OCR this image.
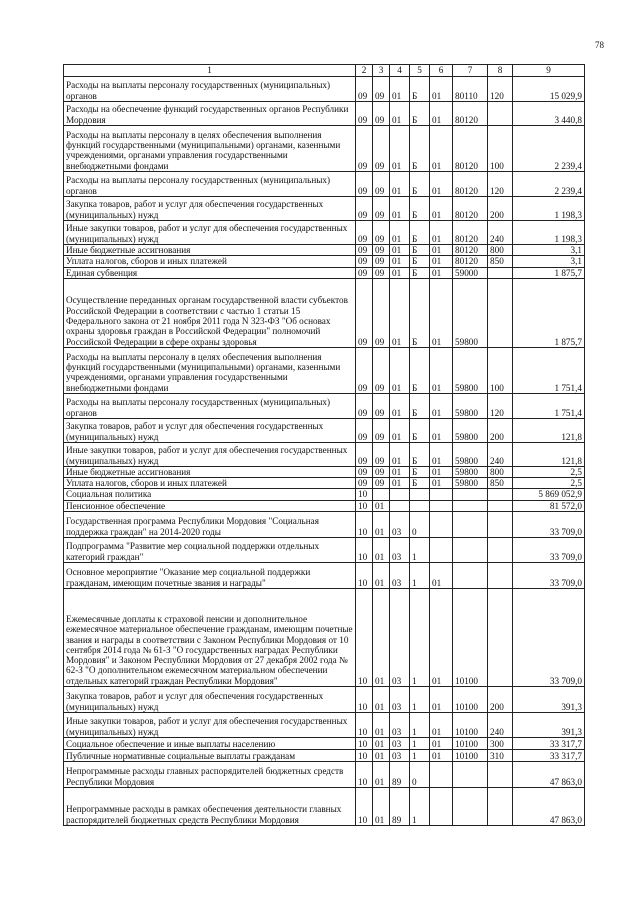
78
1	2	3	4	5	6	7	8	9
Расходы на выплаты персоналу государственных (муниципальных) органов	09	09	01	Б	01	80110	120	15 029,9
Расходы на обеспечение функций государственных органов Республики Мордовия	09	09	01	Б	01	80120		3 440,8
Расходы на выплаты персоналу в целях обеспечения выполнения функций государственными (муниципальными) органами, казенными учреждениями, органами управления государственными внебюджетными фондами	09	09	01	Б	01	80120	100	2 239,4
Расходы на выплаты персоналу государственных (муниципальных) органов	09	09	01	Б	01	80120	120	2 239,4
Закупка товаров, работ и услуг для обеспечения государственных (муниципальных) нужд	09	09	01	Б	01	80120	200	1 198,3
Иные закупки товаров, работ и услуг для обеспечения государственных (муниципальных) нужд	09	09	01	Б	01	80120	240	1 198,3
Иные бюджетные ассигнования	09	09	01	Б	01	80120	800	3,1
Уплата налогов, сборов и иных платежей	09	09	01	Б	01	80120	850	3,1
Единая субвенция	09	09	01	Б	01	59000		1 875,7
Осуществление переданных органам государственной власти субъектов Российской Федерации в соответствии с частью 1 статьи 15 Федерального закона от 21 ноября 2011 года N 323-ФЗ "Об основах охраны здоровья граждан в Российской Федерации" полномочий Российской Федерации в сфере охраны здоровья	09	09	01	Б	01	59800		1 875,7
Расходы на выплаты персоналу в целях обеспечения выполнения функций государственными (муниципальными) органами, казенными учреждениями, органами управления государственными внебюджетными фондами	09	09	01	Б	01	59800	100	1 751,4
Расходы на выплаты персоналу государственных (муниципальных) органов	09	09	01	Б	01	59800	120	1 751,4
Закупка товаров, работ и услуг для обеспечения государственных (муниципальных) нужд	09	09	01	Б	01	59800	200	121,8
Иные закупки товаров, работ и услуг для обеспечения государственных (муниципальных) нужд	09	09	01	Б	01	59800	240	121,8
Иные бюджетные ассигнования	09	09	01	Б	01	59800	800	2,5
Уплата налогов, сборов и иных платежей	09	09	01	Б	01	59800	850	2,5
Социальная политика	10							5 869 052,9
Пенсионное обеспечение	10	01						81 572,0
Государственная программа Республики Мордовия "Социальная поддержка граждан" на 2014-2020 годы	10	01	03	0				33 709,0
Подпрограмма "Развитие мер социальной поддержки отдельных категорий граждан"	10	01	03	1				33 709,0
Основное мероприятие "Оказание мер социальной поддержки гражданам, имеющим почетные звания и награды"	10	01	03	1	01			33 709,0
Ежемесячные доплаты к страховой пенсии и дополнительное ежемесячное материальное обеспечение гражданам, имеющим почетные звания и награды в соответствии с Законом Республики Мордовия от 10 сентября 2014 года № 61-З "О государственных наградах Республики Мордовия" и Законом Республики Мордовия от 27 декабря 2002 года № 62-З "О дополнительном ежемесячном материальном обеспечении отдельных категорий граждан Республики Мордовия"	10	01	03	1	01	10100		33 709,0
Закупка товаров, работ и услуг для обеспечения государственных (муниципальных) нужд	10	01	03	1	01	10100	200	391,3
Иные закупки товаров, работ и услуг для обеспечения государственных (муниципальных) нужд	10	01	03	1	01	10100	240	391,3
Социальное обеспечение и иные выплаты населению	10	01	03	1	01	10100	300	33 317,7
Публичные нормативные социальные выплаты гражданам	10	01	03	1	01	10100	310	33 317,7
Непрограммные расходы главных распорядителей бюджетных средств Республики Мордовия	10	01	89	0				47 863,0
Непрограммные расходы в рамках обеспечения деятельности главных распорядителей бюджетных средств Республики Мордовия	10	01	89	1				47 863,0
